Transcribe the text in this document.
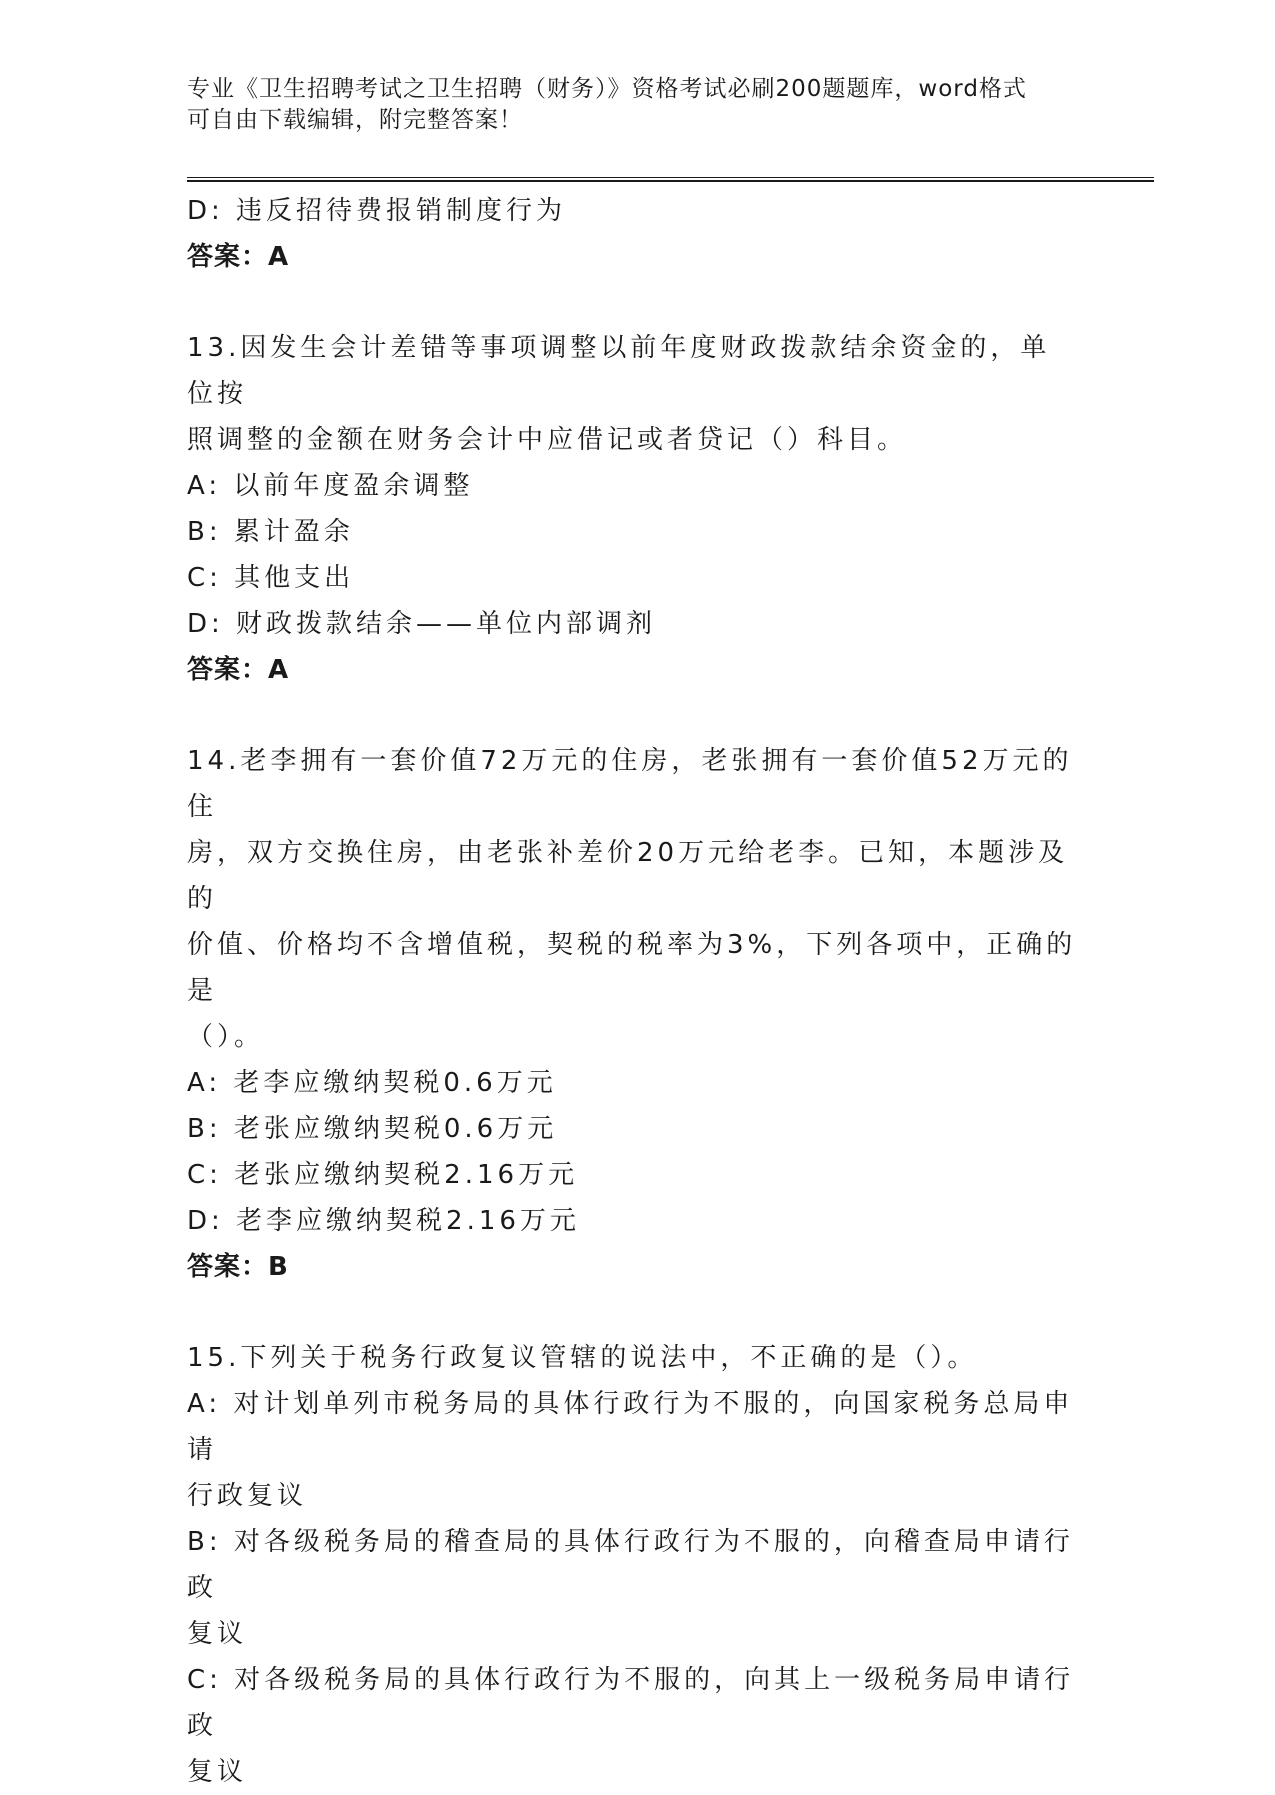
专业《卫生招聘考试之卫生招聘（财务）》资格考试必刷200题题库，word格式
可自由下载编辑，附完整答案！

D: 违反招待费报销制度行为

答案：A

13.因发生会计差错等事项调整以前年度财政拨款结余资金的，单位按

照调整的金额在财务会计中应借记或者贷记（）科目。

A: 以前年度盈余调整

B: 累计盈余

C: 其他支出

D: 财政拨款结余——单位内部调剂

答案：A

14.老李拥有一套价值72万元的住房，老张拥有一套价值52万元的住

房，双方交换住房，由老张补差价20万元给老李。已知，本题涉及的

价值、价格均不含增值税，契税的税率为3%，下列各项中，正确的是

（）。

A: 老李应缴纳契税0.6万元

B: 老张应缴纳契税0.6万元

C: 老张应缴纳契税2.16万元

D: 老李应缴纳契税2.16万元

答案：B

15.下列关于税务行政复议管辖的说法中，不正确的是（）。

A: 对计划单列市税务局的具体行政行为不服的，向国家税务总局申请

行政复议

B: 对各级税务局的稽查局的具体行政行为不服的，向稽查局申请行政

复议

C: 对各级税务局的具体行政行为不服的，向其上一级税务局申请行政

复议
